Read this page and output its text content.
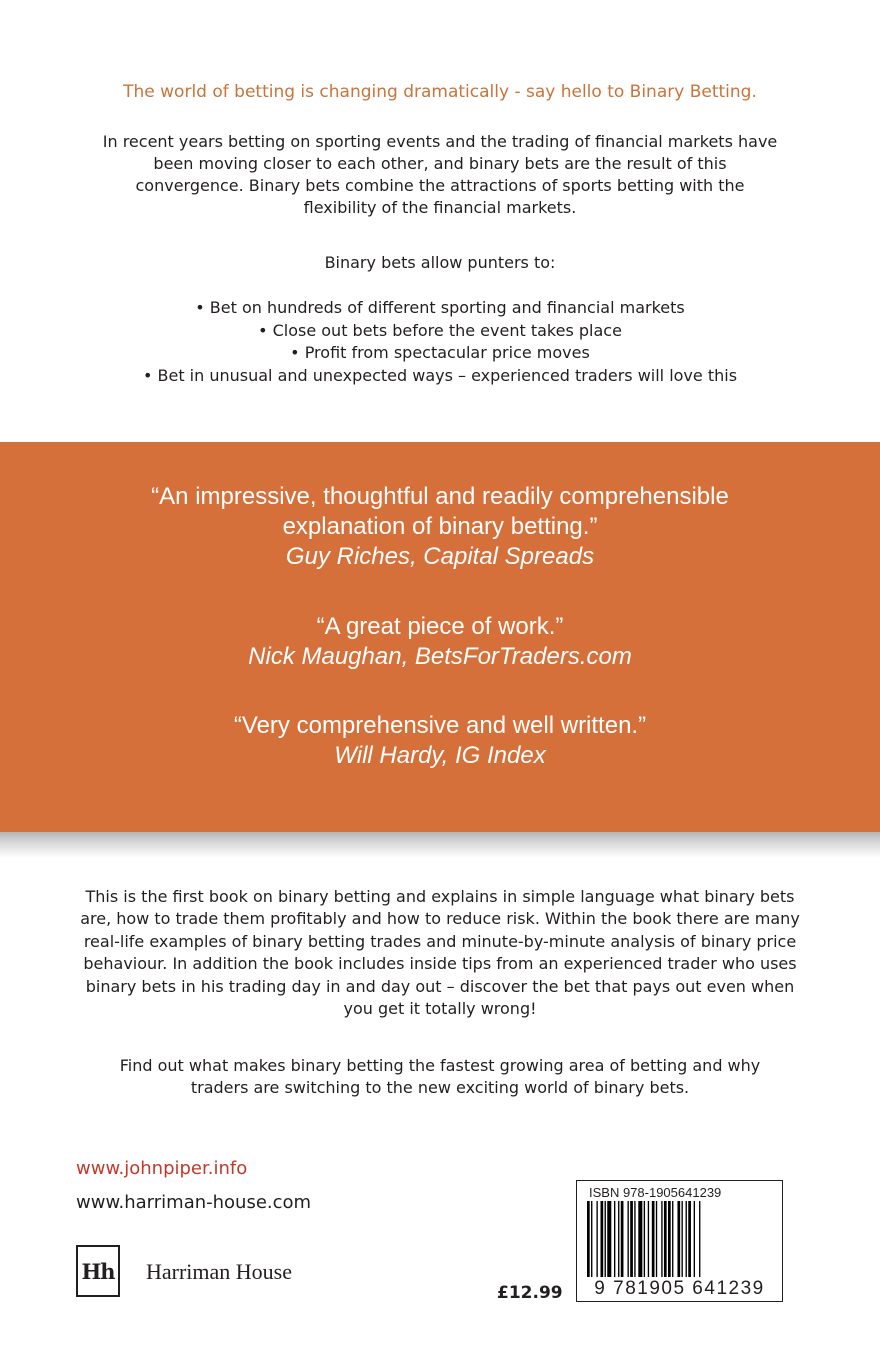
The world of betting is changing dramatically - say hello to Binary Betting.

In recent years betting on sporting events and the trading of financial markets have been moving closer to each other, and binary bets are the result of this convergence. Binary bets combine the attractions of sports betting with the flexibility of the financial markets.

Binary bets allow punters to:
• Bet on hundreds of different sporting and financial markets
• Close out bets before the event takes place
• Profit from spectacular price moves
• Bet in unusual and unexpected ways – experienced traders will love this
“An impressive, thoughtful and readily comprehensible explanation of binary betting.”
Guy Riches, Capital Spreads
“A great piece of work.”
Nick Maughan, BetsForTraders.com
“Very comprehensive and well written.”
Will Hardy, IG Index

This is the first book on binary betting and explains in simple language what binary bets are, how to trade them profitably and how to reduce risk. Within the book there are many real-life examples of binary betting trades and minute-by-minute analysis of binary price behaviour. In addition the book includes inside tips from an experienced trader who uses binary bets in his trading day in and day out – discover the bet that pays out even when you get it totally wrong!

Find out what makes binary betting the fastest growing area of betting and why traders are switching to the new exciting world of binary bets.

www.johnpiper.info
www.harriman-house.com
Hh Harriman House
£12.99
ISBN 978-1905641239
9 781905 641239
